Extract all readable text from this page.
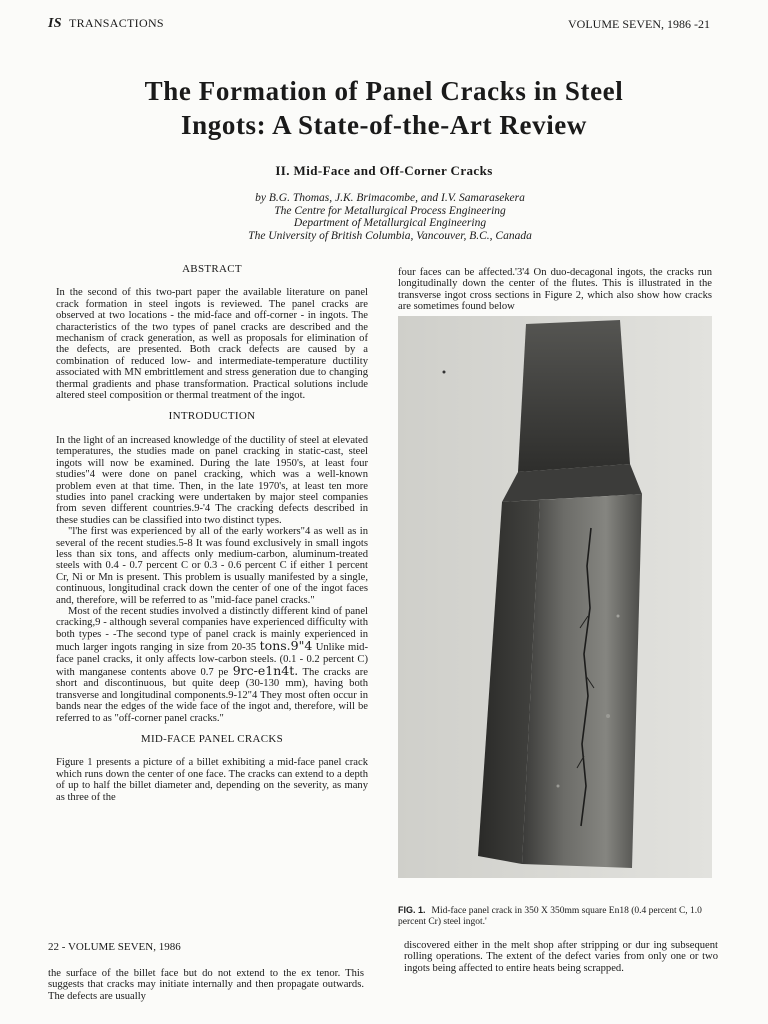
IS TRANSACTIONS	VOLUME SEVEN, 1986 -21
The Formation of Panel Cracks in Steel
Ingots: A State-of-the-Art Review
II. Mid-Face and Off-Corner Cracks
by B.G. Thomas, J.K. Brimacombe, and I.V. Samarasekera
The Centre for Metallurgical Process Engineering
Department of Metallurgical Engineering
The University of British Columbia, Vancouver, B.C., Canada
ABSTRACT

In the second of this two-part paper the available literature on panel crack formation in steel ingots is reviewed. The panel cracks are observed at two locations - the mid-face and off-corner - in ingots. The characteristics of the two types of panel cracks are described and the mechanism of crack generation, as well as proposals for elimination of the defects, are presented. Both crack defects are caused by a combination of reduced low- and intermediate-temperature ductility associated with MN embrittlement and stress generation due to changing thermal gradients and phase transformation. Practical solutions include altered steel composition or thermal treatment of the ingot.

INTRODUCTION

In the light of an increased knowledge of the ductility of steel at elevated temperatures, the studies made on panel cracking in static-cast, steel ingots will now be examined. During the late 1950's, at least four studies"4 were done on panel cracking, which was a well-known problem even at that time. Then, in the late 1970's, at least ten more studies into panel cracking were undertaken by major steel companies from seven different countries.9-'4 The cracking defects described in these studies can be classified into two distinct types.

"l'he first was experienced by all of the early workers"4 as well as in several of the recent studies.5-8 It was found exclusively in small ingots less than six tons, and affects only medium-carbon, aluminum-treated steels with 0.4 - 0.7 percent C or 0.3 - 0.6 percent C if either 1 percent Cr, Ni or Mn is present. This problem is usually manifested by a single, continuous, longitudinal crack down the center of one of the ingot faces and, therefore, will be referred to as "mid-face panel cracks."

Most of the recent studies involved a distinctly different kind of panel cracking,9 - although several companies have experienced difficulty with both types - -The second type of panel crack is mainly experienced in much larger ingots ranging in size from 20-35 tons.9"4 Unlike mid-face panel cracks, it only affects low-carbon steels. (0.1 - 0.2 percent C) with manganese contents above 0.7 pe 9rc-e1n4t. The cracks are short and discontinuous, but quite deep (30-130 mm), having both transverse and longitudinal components.9-12"4 They most often occur in bands near the edges of the wide face of the ingot and, therefore, will be referred to as "off-corner panel cracks."

MID-FACE PANEL CRACKS

Figure 1 presents a picture of a billet exhibiting a mid-face panel crack which runs down the center of one face. The cracks can extend to a depth of up to half the billet diameter and, depending on the severity, as many as three of the

four faces can be affected.'3'4 On duo-decagonal ingots, the cracks run longitudinally down the center of the flutes. This is illustrated in the transverse ingot cross sections in Figure 2, which also show how cracks are sometimes found below
FIG. 1. Mid-face panel crack in 350 X 350mm square En18 (0.4 percent C, 1.0 percent Cr) steel ingot.'
22 - VOLUME SEVEN, 1986
the surface of the billet face but do not extend to the ex tenor. This suggests that cracks may initiate internally and then propagate outwards. The defects are usually
discovered either in the melt shop after stripping or dur ing subsequent rolling operations. The extent of the defect varies from only one or two ingots being affected to entire heats being scrapped.
